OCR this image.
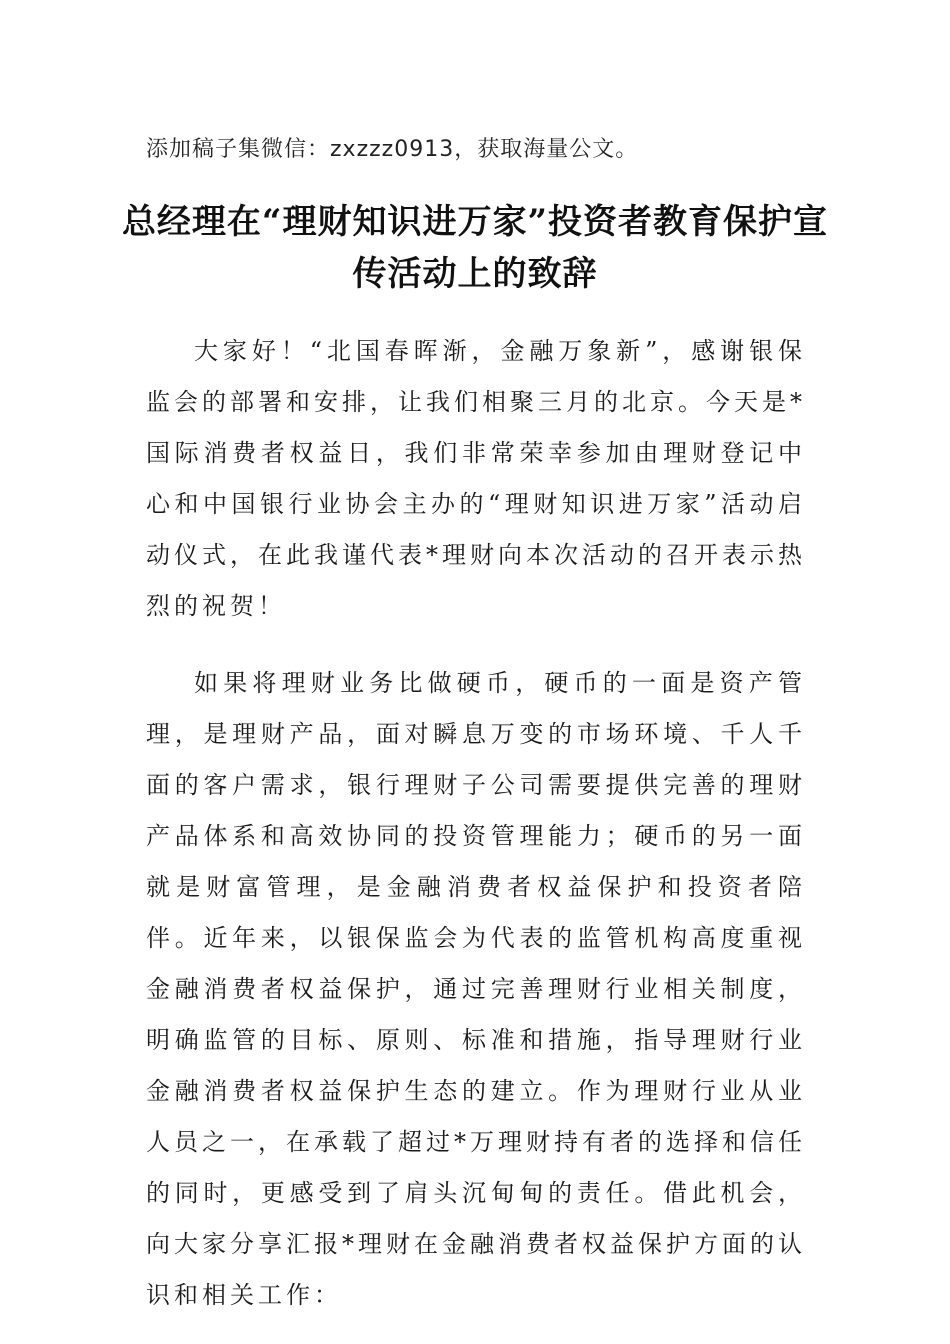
添加稿子集微信：zxzzz0913，获取海量公文。
总经理在“理财知识进万家”投资者教育保护宣传活动上的致辞

大家好！“北国春晖渐，金融万象新”，感谢银保监会的部署和安排，让我们相聚三月的北京。今天是*国际消费者权益日，我们非常荣幸参加由理财登记中心和中国银行业协会主办的“理财知识进万家”活动启动仪式，在此我谨代表*理财向本次活动的召开表示热烈的祝贺！

如果将理财业务比做硬币，硬币的一面是资产管理，是理财产品，面对瞬息万变的市场环境、千人千面的客户需求，银行理财子公司需要提供完善的理财产品体系和高效协同的投资管理能力；硬币的另一面就是财富管理，是金融消费者权益保护和投资者陪伴。近年来，以银保监会为代表的监管机构高度重视金融消费者权益保护，通过完善理财行业相关制度，明确监管的目标、原则、标准和措施，指导理财行业金融消费者权益保护生态的建立。作为理财行业从业人员之一，在承载了超过*万理财持有者的选择和信任的同时，更感受到了肩头沉甸甸的责任。借此机会，向大家分享汇报*理财在金融消费者权益保护方面的认识和相关工作：
